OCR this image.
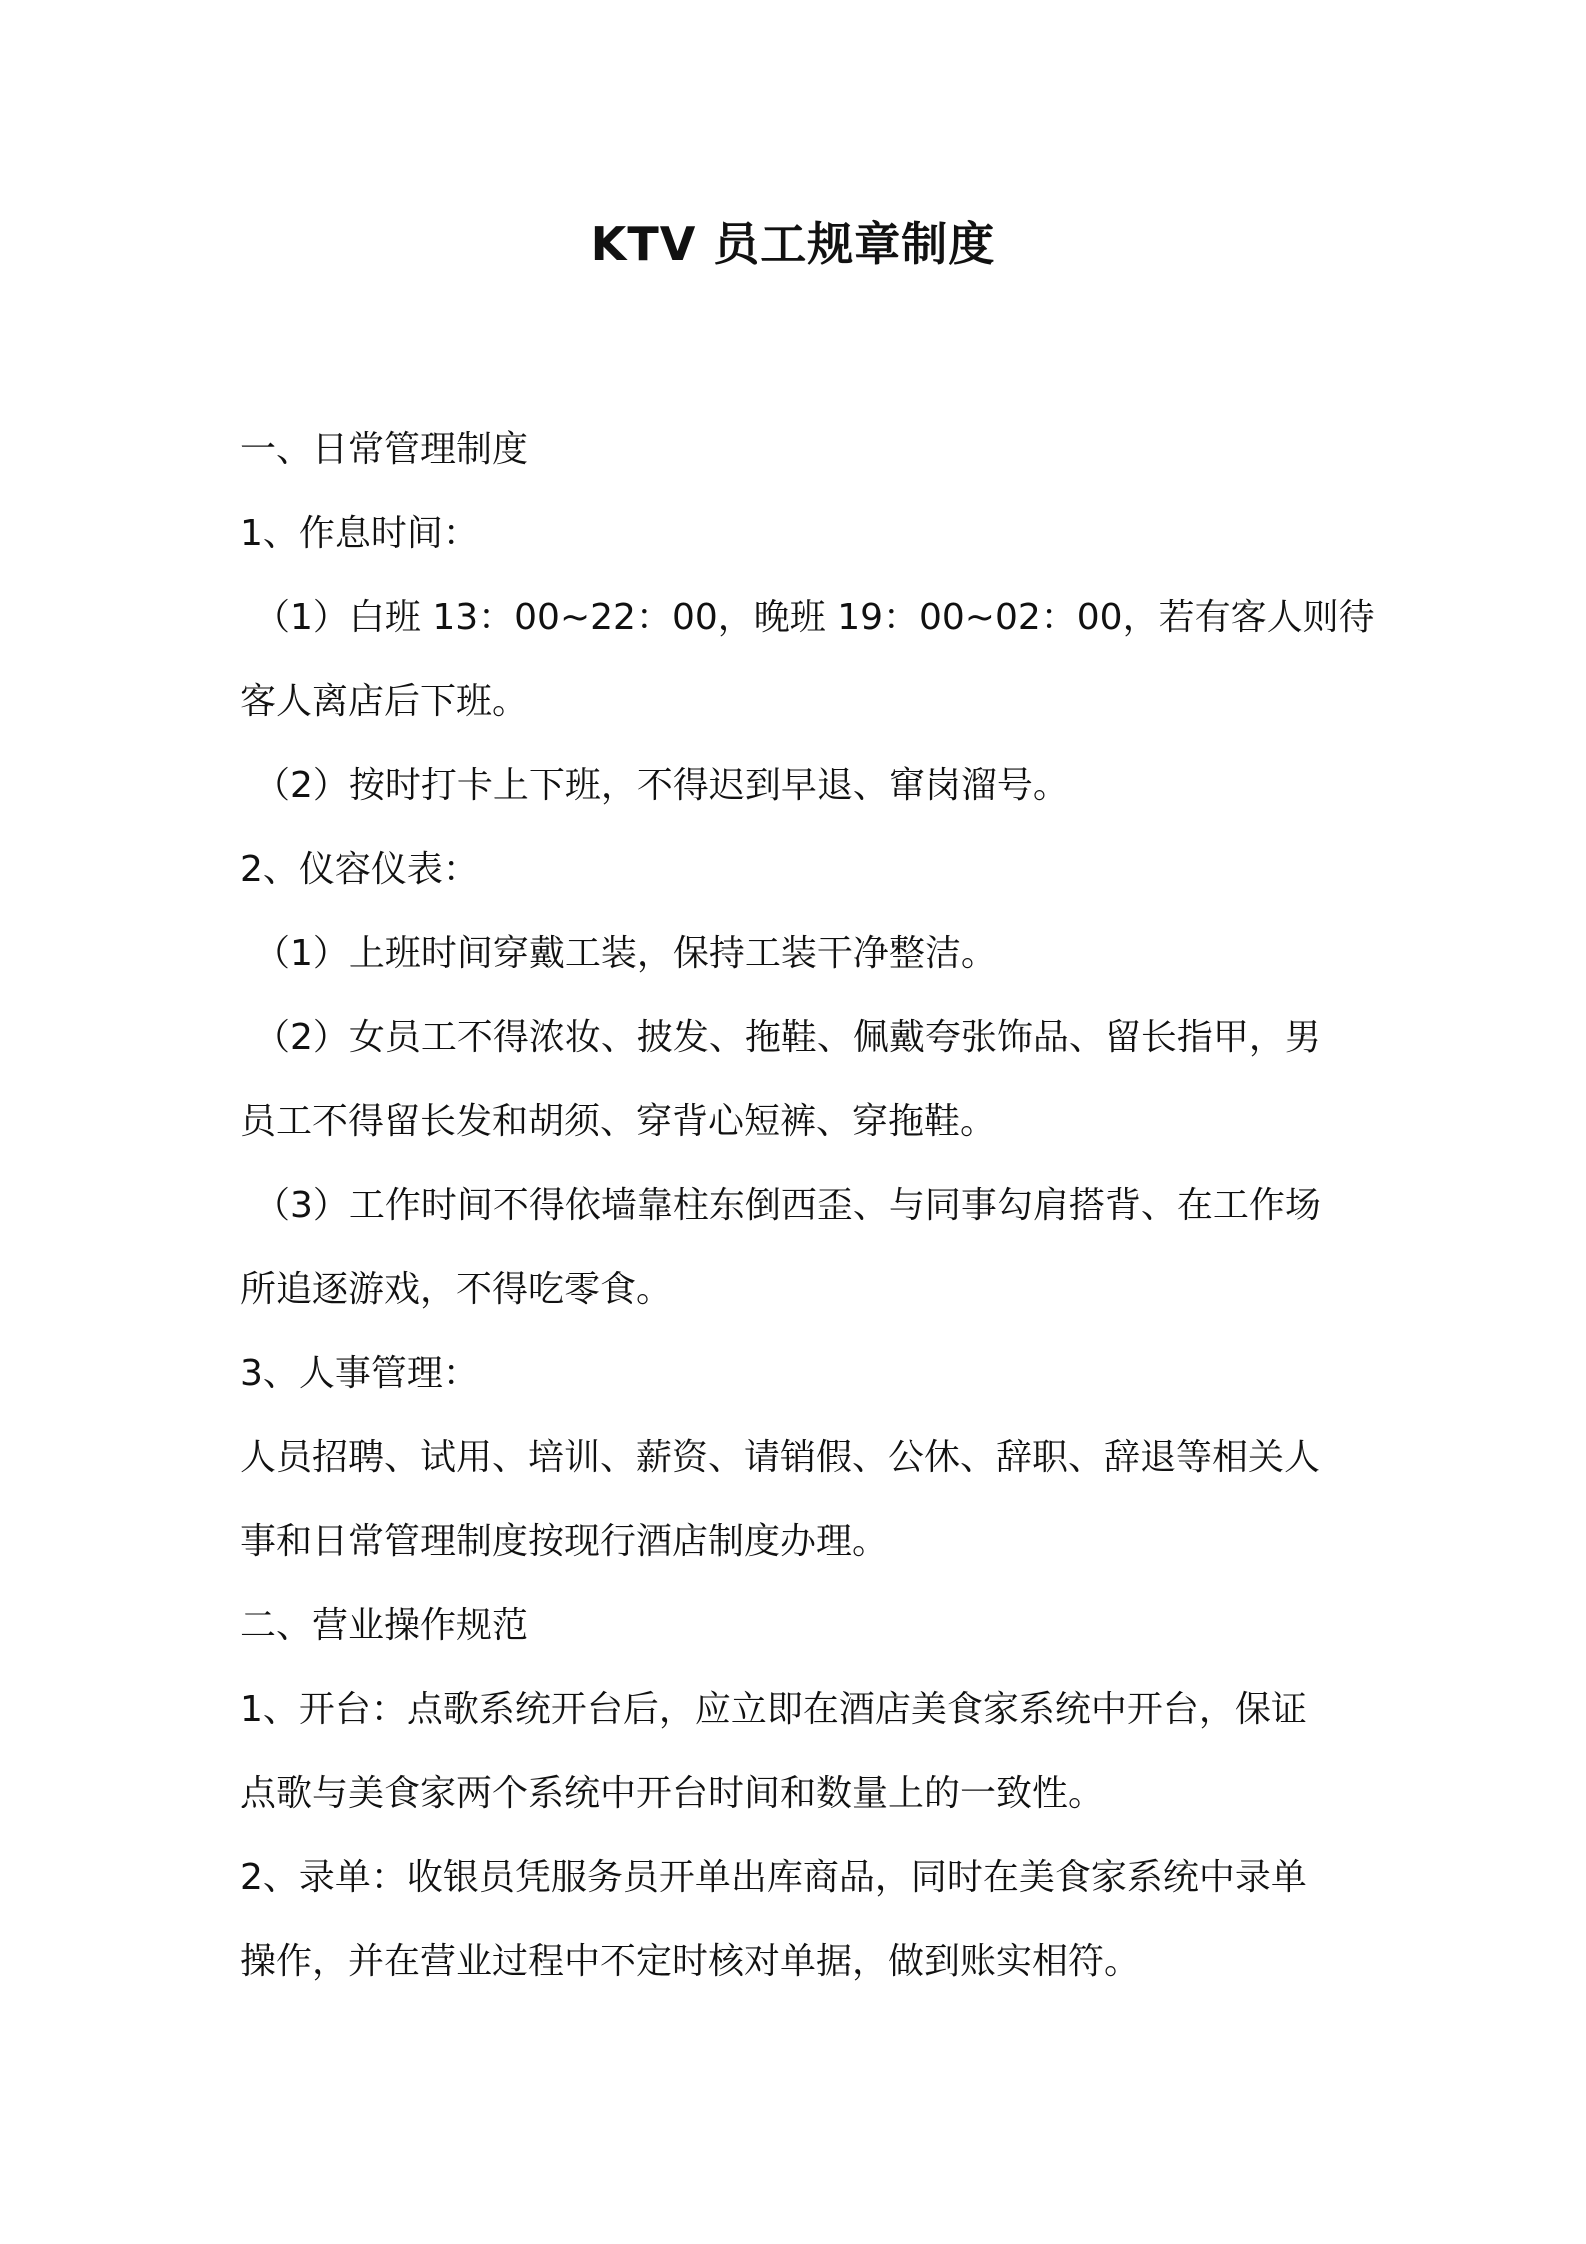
KTV 员工规章制度

一、日常管理制度

1、作息时间：

（1）白班 13：00~22：00，晚班 19：00~02：00，若有客人则待

客人离店后下班。

（2）按时打卡上下班，不得迟到早退、窜岗溜号。

2、仪容仪表：

（1）上班时间穿戴工装，保持工装干净整洁。

（2）女员工不得浓妆、披发、拖鞋、佩戴夸张饰品、留长指甲，男

员工不得留长发和胡须、穿背心短裤、穿拖鞋。

（3）工作时间不得依墙靠柱东倒西歪、与同事勾肩搭背、在工作场

所追逐游戏，不得吃零食。

3、人事管理：

人员招聘、试用、培训、薪资、请销假、公休、辞职、辞退等相关人

事和日常管理制度按现行酒店制度办理。

二、营业操作规范

1、开台：点歌系统开台后，应立即在酒店美食家系统中开台，保证

点歌与美食家两个系统中开台时间和数量上的一致性。

2、录单：收银员凭服务员开单出库商品，同时在美食家系统中录单

操作，并在营业过程中不定时核对单据，做到账实相符。
